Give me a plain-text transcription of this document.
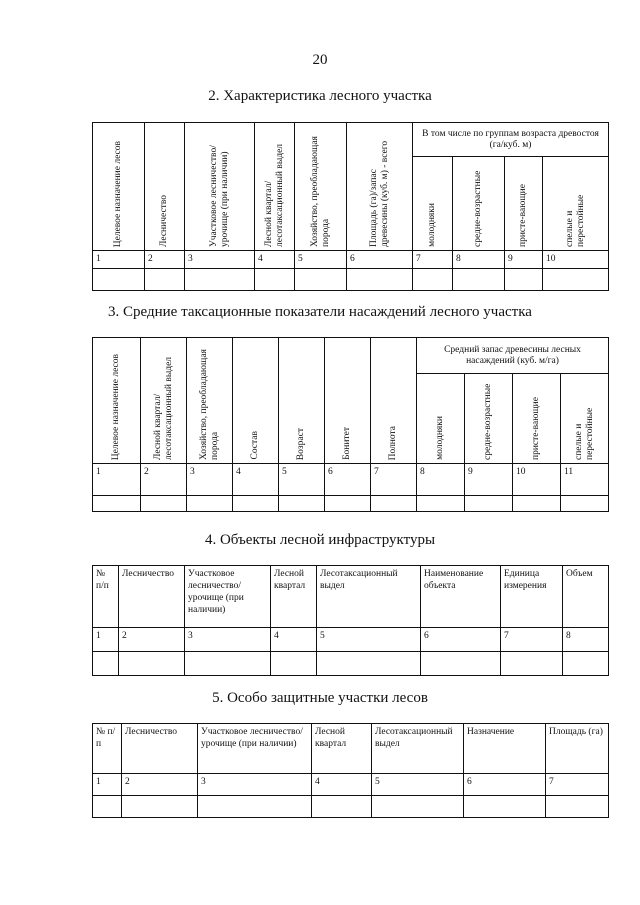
20
2. Характеристика лесного участка
Целевое назначение лесов	Лесничество	Участковое лесничество/ урочище (при наличии)	Лесной квартал/ лесотаксационный выдел	Хозяйство, преобладающая порода	Площадь (га)/запас древесины (куб. м) - всего	В том числе по группам возраста древостоя (га/куб. м)			

						молодняки	средне-возрастные	присте-вающие	спелые и перестойные

1	2	3	4	5	6	7	8	9	10

3. Средние таксационные показатели насаждений лесного участка
Целевое назначение лесов	Лесной квартал/ лесотаксационный выдел	Хозяйство, преобладающая порода	Состав	Возраст	Бонитет	Полнота	Средний запас древесины лесных насаждений (куб. м/га)			

							молодняки	средне-возрастные	присте-вающие	спелые и перестойные

1	2	3	4	5	6	7	8	9	10	11

4. Объекты лесной инфраструктуры
№ п/п	Лесничество	Участковое лесничество/ урочище (при наличии)	Лесной квартал	Лесотаксационный выдел	Наименование объекта	Единица измерения	Объем
1	2	3	4	5	6	7	8

5. Особо защитные участки лесов
№ п/п	Лесничество	Участковое лесничество/урочище (при наличии)	Лесной квартал	Лесотаксационный выдел	Назначение	Площадь (га)
1	2	3	4	5	6	7
